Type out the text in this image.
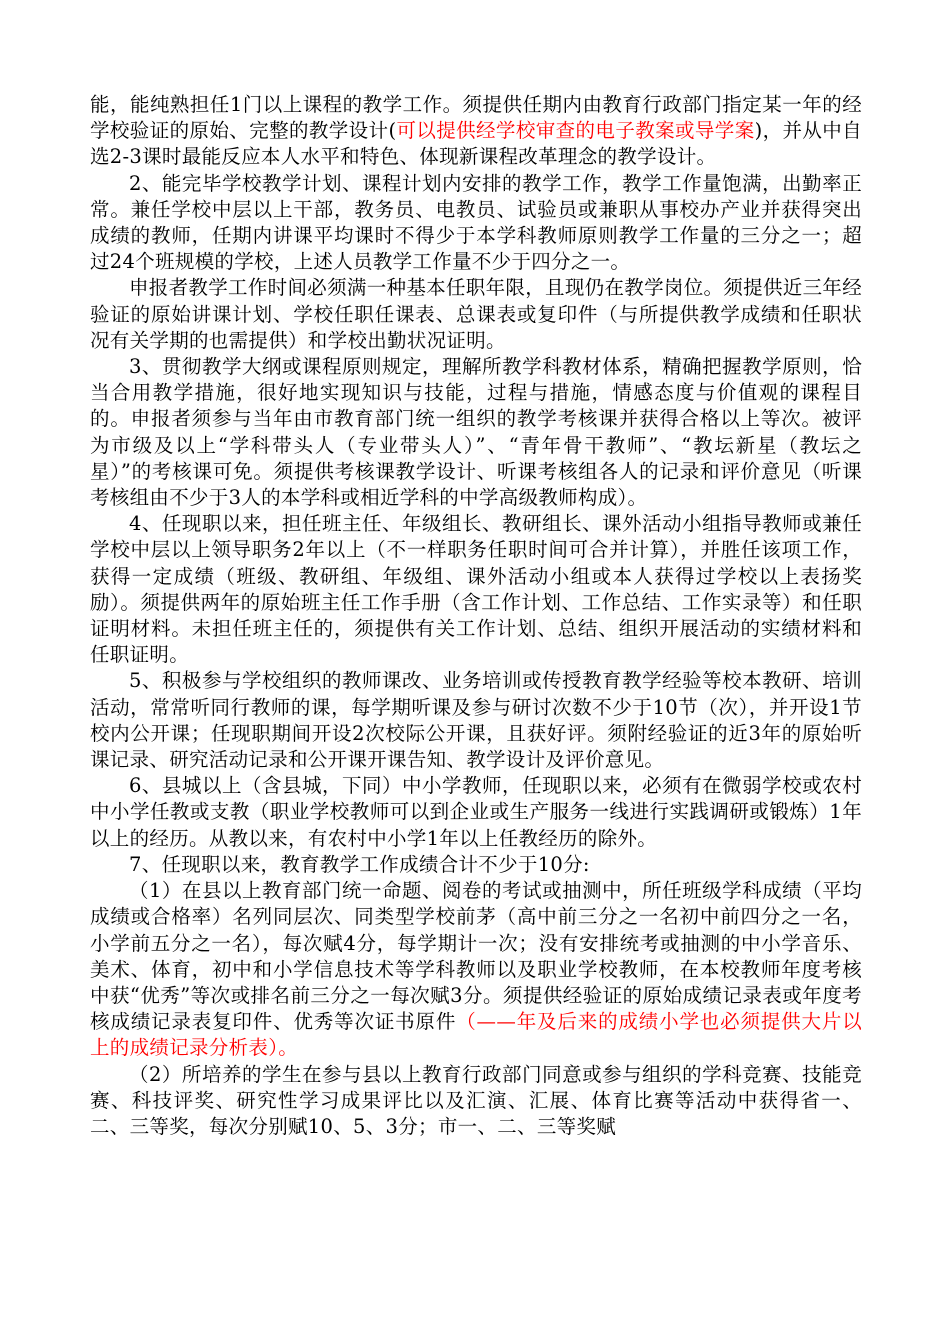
能，能纯熟担任1门以上课程的教学工作。须提供任期内由教育行政部门指定某一年的经学校验证的原始、完整的教学设计(可以提供经学校审查的电子教案或导学案)，并从中自选2-3课时最能反应本人水平和特色、体现新课程改革理念的教学设计。

2、能完毕学校教学计划、课程计划内安排的教学工作，教学工作量饱满，出勤率正常。兼任学校中层以上干部，教务员、电教员、试验员或兼职从事校办产业并获得突出成绩的教师，任期内讲课平均课时不得少于本学科教师原则教学工作量的三分之一；超过24个班规模的学校，上述人员教学工作量不少于四分之一。

申报者教学工作时间必须满一种基本任职年限，且现仍在教学岗位。须提供近三年经验证的原始讲课计划、学校任职任课表、总课表或复印件（与所提供教学成绩和任职状况有关学期的也需提供）和学校出勤状况证明。

3、贯彻教学大纲或课程原则规定，理解所教学科教材体系，精确把握教学原则，恰当合用教学措施，很好地实现知识与技能，过程与措施，情感态度与价值观的课程目的。申报者须参与当年由市教育部门统一组织的教学考核课并获得合格以上等次。被评为市级及以上“学科带头人（专业带头人）”、“青年骨干教师”、“教坛新星（教坛之星）”的考核课可免。须提供考核课教学设计、听课考核组各人的记录和评价意见（听课考核组由不少于3人的本学科或相近学科的中学高级教师构成）。

4、任现职以来，担任班主任、年级组长、教研组长、课外活动小组指导教师或兼任学校中层以上领导职务2年以上（不一样职务任职时间可合并计算），并胜任该项工作，获得一定成绩（班级、教研组、年级组、课外活动小组或本人获得过学校以上表扬奖励）。须提供两年的原始班主任工作手册（含工作计划、工作总结、工作实录等）和任职证明材料。未担任班主任的，须提供有关工作计划、总结、组织开展活动的实绩材料和任职证明。

5、积极参与学校组织的教师课改、业务培训或传授教育教学经验等校本教研、培训活动，常常听同行教师的课，每学期听课及参与研讨次数不少于10节（次），并开设1节校内公开课；任现职期间开设2次校际公开课，且获好评。须附经验证的近3年的原始听课记录、研究活动记录和公开课开课告知、教学设计及评价意见。

6、县城以上（含县城，下同）中小学教师，任现职以来，必须有在微弱学校或农村中小学任教或支教（职业学校教师可以到企业或生产服务一线进行实践调研或锻炼）1年以上的经历。从教以来，有农村中小学1年以上任教经历的除外。

7、任现职以来，教育教学工作成绩合计不少于10分:

（1）在县以上教育部门统一命题、阅卷的考试或抽测中，所任班级学科成绩（平均成绩或合格率）名列同层次、同类型学校前茅（高中前三分之一名初中前四分之一名，小学前五分之一名），每次赋4分，每学期计一次；没有安排统考或抽测的中小学音乐、美术、体育，初中和小学信息技术等学科教师以及职业学校教师，在本校教师年度考核中获“优秀”等次或排名前三分之一每次赋3分。须提供经验证的原始成绩记录表或年度考核成绩记录表复印件、优秀等次证书原件（——年及后来的成绩小学也必须提供大片以上的成绩记录分析表）。

（2）所培养的学生在参与县以上教育行政部门同意或参与组织的学科竞赛、技能竞赛、科技评奖、研究性学习成果评比以及汇演、汇展、体育比赛等活动中获得省一、二、三等奖，每次分别赋10、5、3分；市一、二、三等奖赋
